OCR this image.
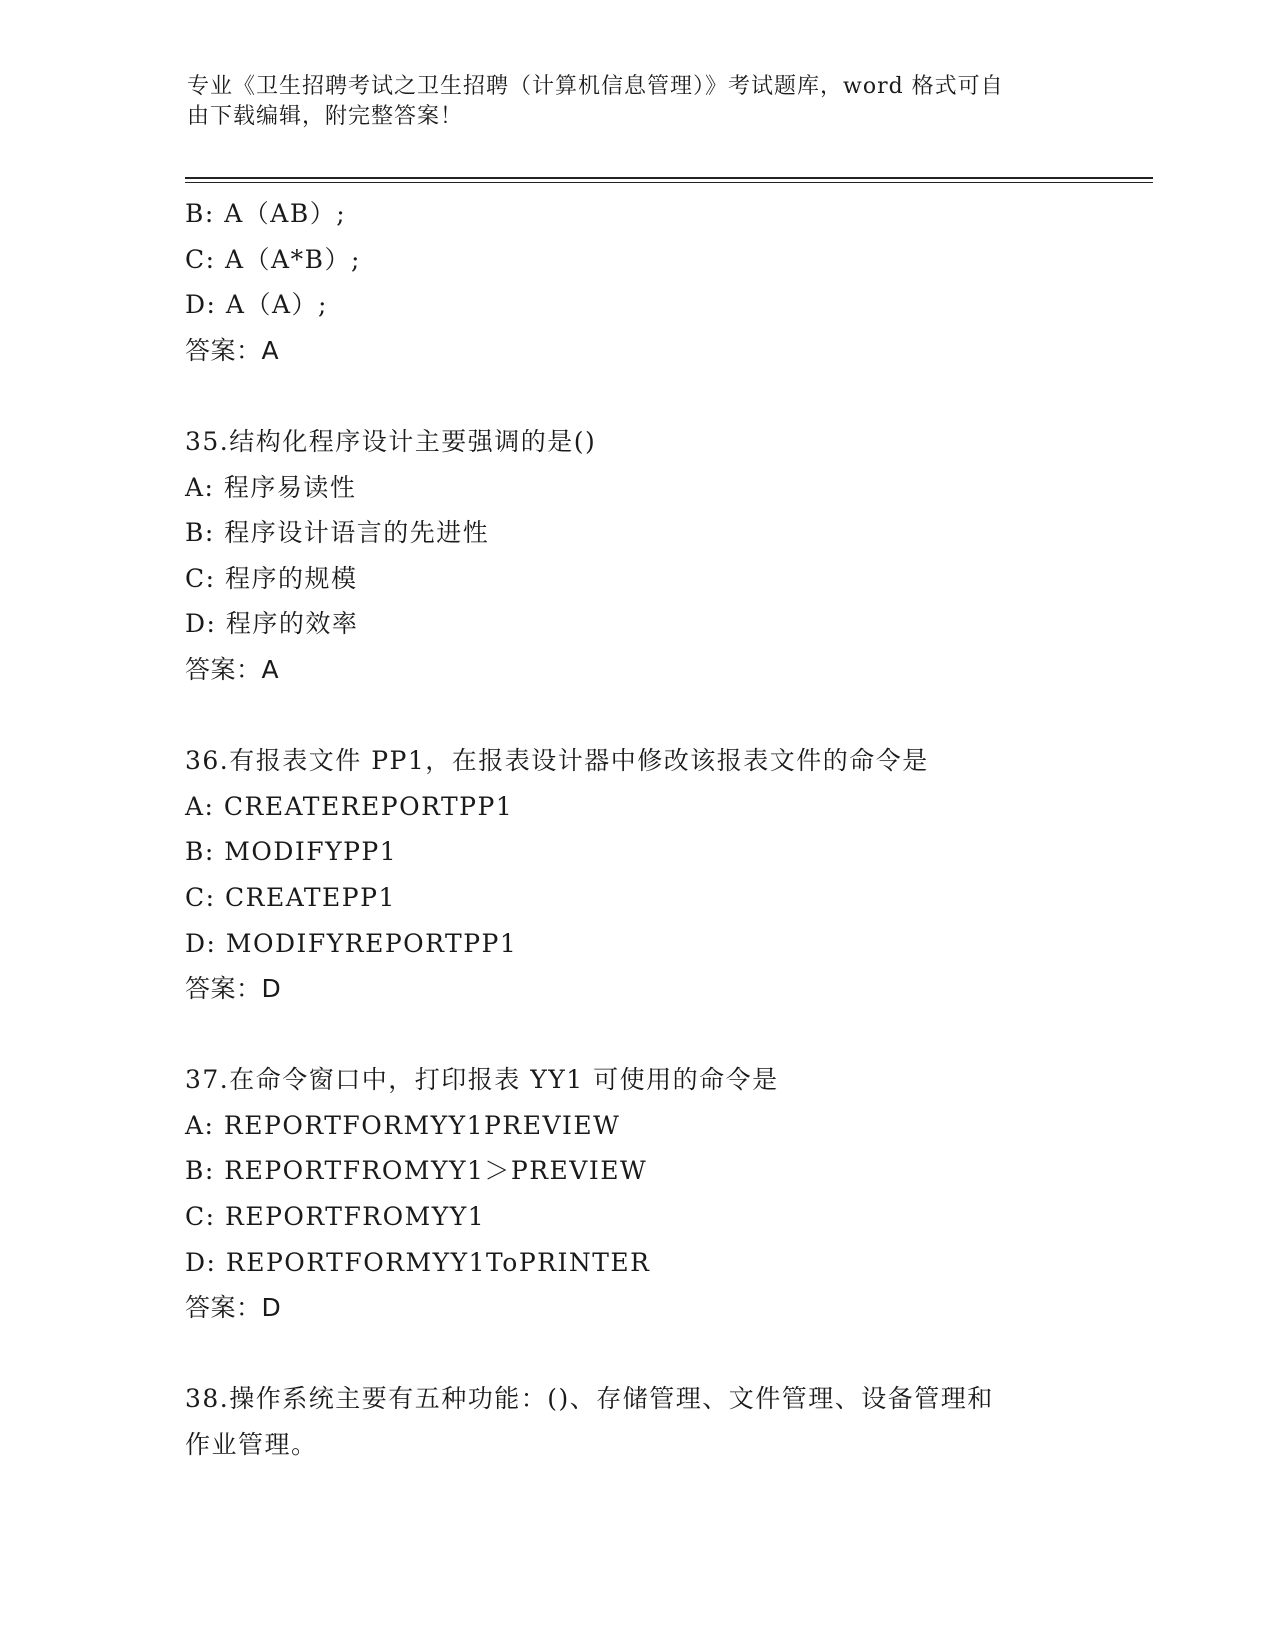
专业《卫生招聘考试之卫生招聘（计算机信息管理）》考试题库，word 格式可自
由下载编辑，附完整答案！
B: A（AB）;
C: A（A*B）;
D: A（A）;
答案：A
35.结构化程序设计主要强调的是()
A: 程序易读性
B: 程序设计语言的先进性
C: 程序的规模
D: 程序的效率
答案：A
36.有报表文件 PP1，在报表设计器中修改该报表文件的命令是
A: CREATEREPORTPP1
B: MODIFYPP1
C: CREATEPP1
D: MODIFYREPORTPP1
答案：D
37.在命令窗口中，打印报表 YY1 可使用的命令是
A: REPORTFORMYY1PREVIEW
B: REPORTFROMYY1＞PREVIEW
C: REPORTFROMYY1
D: REPORTFORMYY1ToPRINTER
答案：D
38.操作系统主要有五种功能：()、存储管理、文件管理、设备管理和
作业管理。
